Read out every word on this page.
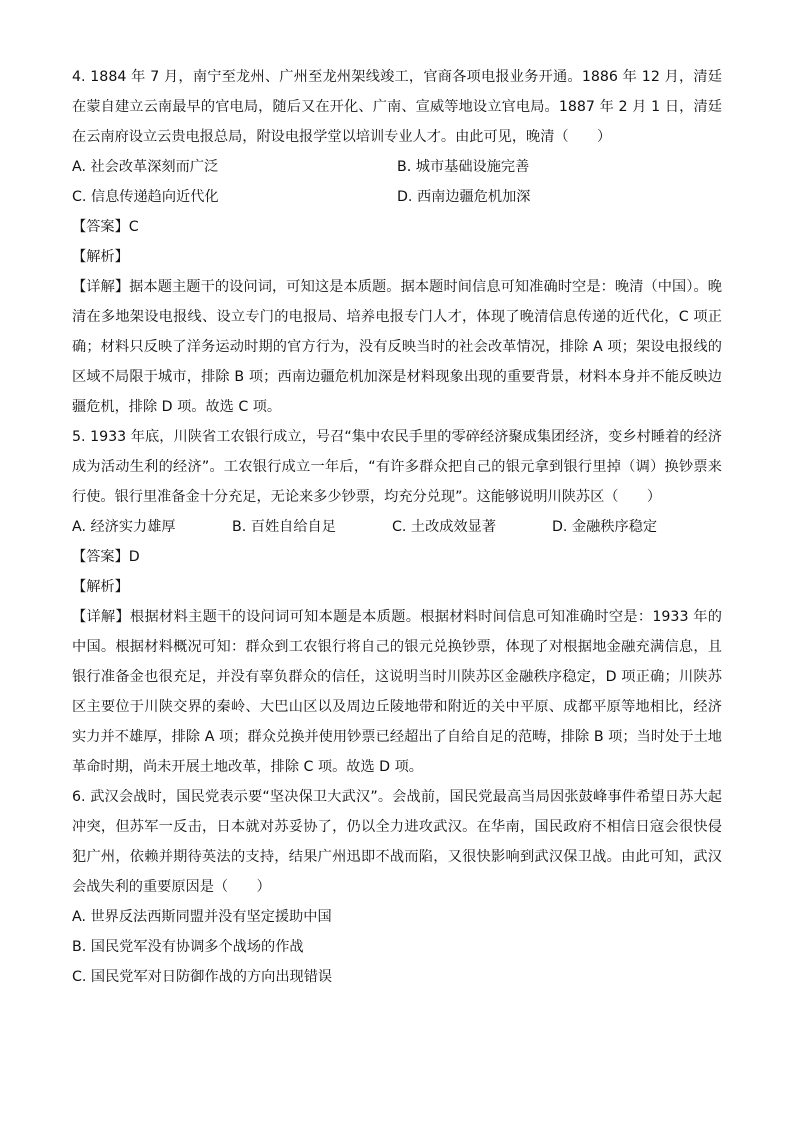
4. 1884 年 7 月，南宁至龙州、广州至龙州架线竣工，官商各项电报业务开通。1886 年 12 月，清廷在蒙自建立云南最早的官电局，随后又在开化、广南、宣威等地设立官电局。1887 年 2 月 1 日，清廷在云南府设立云贵电报总局，附设电报学堂以培训专业人才。由此可见，晚清（　　）

A. 社会改革深刻而广泛	B. 城市基础设施完善
C. 信息传递趋向近代化	D. 西南边疆危机加深
【答案】C
【解析】

【详解】据本题主题干的设问词，可知这是本质题。据本题时间信息可知准确时空是：晚清（中国）。晚清在多地架设电报线、设立专门的电报局、培养电报专门人才，体现了晚清信息传递的近代化，C 项正确；材料只反映了洋务运动时期的官方行为，没有反映当时的社会改革情况，排除 A 项；架设电报线的区域不局限于城市，排除 B 项；西南边疆危机加深是材料现象出现的重要背景，材料本身并不能反映边疆危机，排除 D 项。故选 C 项。

5. 1933 年底，川陕省工农银行成立，号召“集中农民手里的零碎经济聚成集团经济，变乡村睡着的经济成为活动生利的经济”。工农银行成立一年后，“有许多群众把自己的银元拿到银行里掉（调）换钞票来行使。银行里准备金十分充足，无论来多少钞票，均充分兑现”。这能够说明川陕苏区（　　）

A. 经济实力雄厚	B. 百姓自给自足	C. 土改成效显著	D. 金融秩序稳定
【答案】D
【解析】

【详解】根据材料主题干的设问词可知本题是本质题。根据材料时间信息可知准确时空是：1933 年的中国。根据材料概况可知：群众到工农银行将自己的银元兑换钞票，体现了对根据地金融充满信息，且银行准备金也很充足，并没有辜负群众的信任，这说明当时川陕苏区金融秩序稳定，D 项正确；川陕苏区主要位于川陕交界的秦岭、大巴山区以及周边丘陵地带和附近的关中平原、成都平原等地相比，经济实力并不雄厚，排除 A 项；群众兑换并使用钞票已经超出了自给自足的范畴，排除 B 项；当时处于土地革命时期，尚未开展土地改革，排除 C 项。故选 D 项。

6. 武汉会战时，国民党表示要“坚决保卫大武汉”。会战前，国民党最高当局因张鼓峰事件希望日苏大起冲突，但苏军一反击，日本就对苏妥协了，仍以全力进攻武汉。在华南，国民政府不相信日寇会很快侵犯广州，依赖并期待英法的支持，结果广州迅即不战而陷，又很快影响到武汉保卫战。由此可知，武汉会战失利的重要原因是（　　）

A. 世界反法西斯同盟并没有坚定援助中国
B. 国民党军没有协调多个战场的作战
C. 国民党军对日防御作战的方向出现错误
